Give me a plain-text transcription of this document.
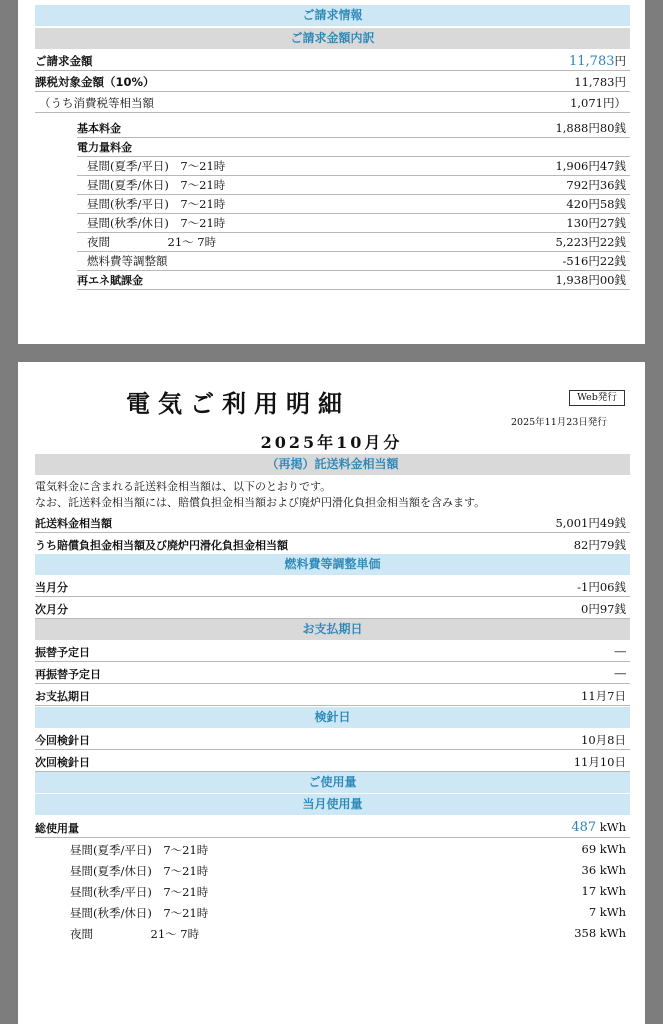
ご請求情報
ご請求金額内訳
ご請求金額	11,783円
課税対象金額（10%）	11,783円
（うち消費税等相当額	1,071円）
基本料金	1,888円80銭
電力量料金
昼間(夏季/平日)　7～21時	1,906円47銭
昼間(夏季/休日)　7～21時	792円36銭
昼間(秋季/平日)　7～21時	420円58銭
昼間(秋季/休日)　7～21時	130円27銭
夜間　　　　　21～ 7時	5,223円22銭
燃料費等調整額	-516円22銭
再エネ賦課金	1,938円00銭
電気ご利用明細	Web発行
2025年11月23日発行
2025年10月分
（再掲）託送料金相当額
電気料金に含まれる託送料金相当額は、以下のとおりです。
なお、託送料金相当額には、賠償負担金相当額および廃炉円滑化負担金相当額を含みます。
託送料金相当額	5,001円49銭
うち賠償負担金相当額及び廃炉円滑化負担金相当額	82円79銭
燃料費等調整単価
当月分	-1円06銭
次月分	0円97銭
お支払期日
振替予定日	―
再振替予定日	―
お支払期日	11月7日
検針日
今回検針日	10月8日
次回検針日	11月10日
ご使用量
当月使用量
総使用量	487 kWh
昼間(夏季/平日)　7～21時	69 kWh
昼間(夏季/休日)　7～21時	36 kWh
昼間(秋季/平日)　7～21時	17 kWh
昼間(秋季/休日)　7～21時	7 kWh
夜間　　　　　21～ 7時	358 kWh
